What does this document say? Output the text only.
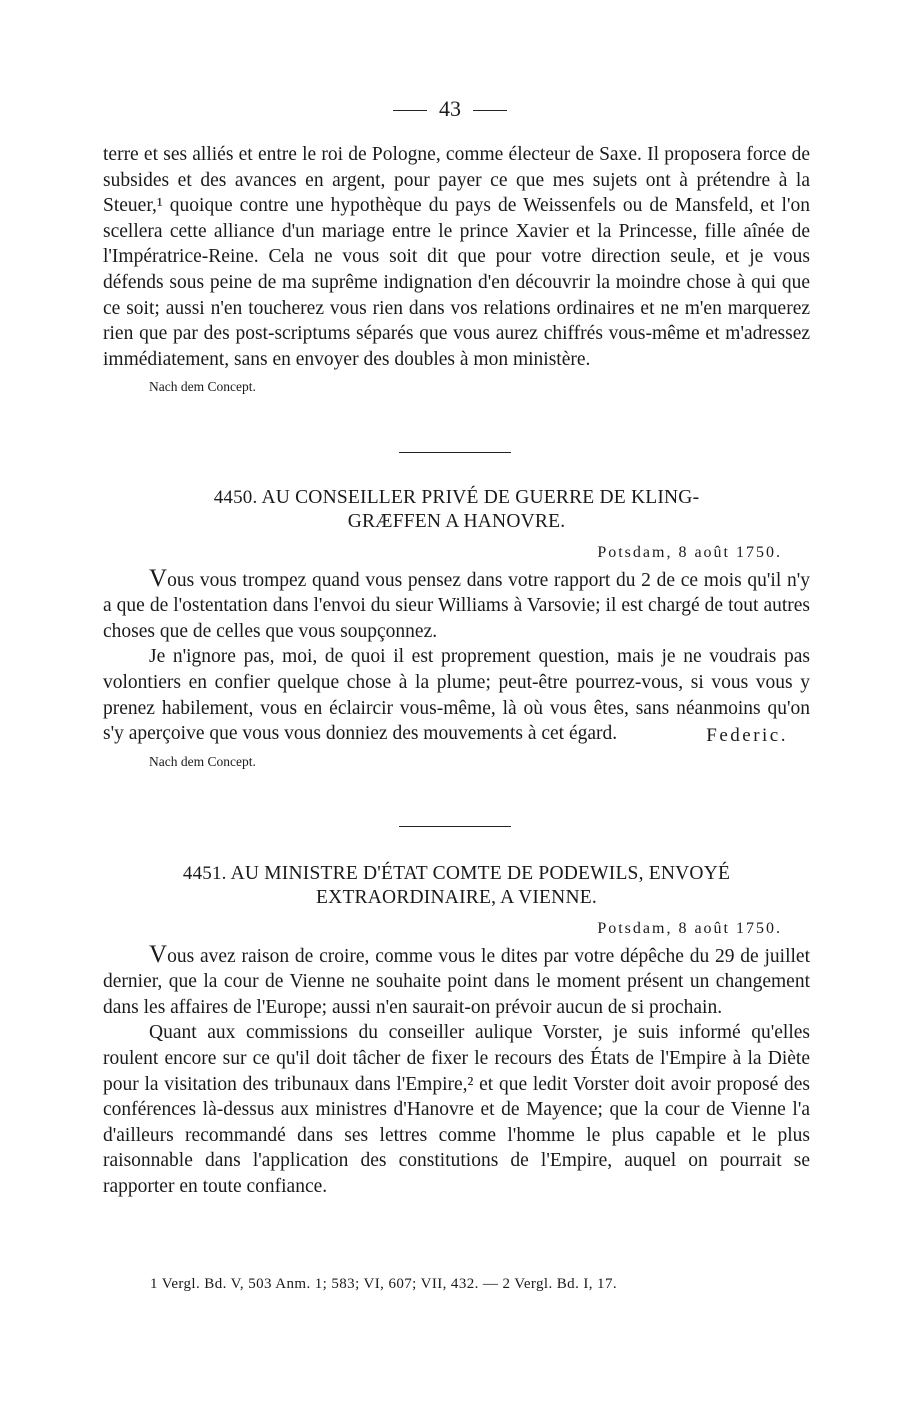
43

terre et ses alliés et entre le roi de Pologne, comme électeur de Saxe. Il proposera force de subsides et des avances en argent, pour payer ce que mes sujets ont à prétendre à la Steuer,¹ quoique contre une hypothèque du pays de Weissenfels ou de Mansfeld, et l'on scellera cette alliance d'un mariage entre le prince Xavier et la Princesse, fille aînée de l'Impératrice-Reine. Cela ne vous soit dit que pour votre direction seule, et je vous défends sous peine de ma suprême indignation d'en découvrir la moindre chose à qui que ce soit; aussi n'en toucherez vous rien dans vos relations ordinaires et ne m'en marquerez rien que par des post-scriptums séparés que vous aurez chiffrés vous-même et m'adressez immédiatement, sans en envoyer des doubles à mon ministère.

Nach dem Concept.

4450. AU CONSEILLER PRIVÉ DE GUERRE DE KLING-
GRÆFFEN A HANOVRE.
Potsdam, 8 août 1750.

Vous vous trompez quand vous pensez dans votre rapport du 2 de ce mois qu'il n'y a que de l'ostentation dans l'envoi du sieur Williams à Varsovie; il est chargé de tout autres choses que de celles que vous soupçonnez.

Je n'ignore pas, moi, de quoi il est proprement question, mais je ne voudrais pas volontiers en confier quelque chose à la plume; peut-être pourrez-vous, si vous vous y prenez habilement, vous en éclaircir vous-même, là où vous êtes, sans néanmoins qu'on s'y aperçoive que vous vous donniez des mouvements à cet égard.

Nach dem Concept.

Federic.
4451. AU MINISTRE D'ÉTAT COMTE DE PODEWILS, ENVOYÉ
EXTRAORDINAIRE, A VIENNE.
Potsdam, 8 août 1750.

Vous avez raison de croire, comme vous le dites par votre dépêche du 29 de juillet dernier, que la cour de Vienne ne souhaite point dans le moment présent un changement dans les affaires de l'Europe; aussi n'en saurait-on prévoir aucun de si prochain.

Quant aux commissions du conseiller aulique Vorster, je suis informé qu'elles roulent encore sur ce qu'il doit tâcher de fixer le recours des États de l'Empire à la Diète pour la visitation des tribunaux dans l'Empire,² et que ledit Vorster doit avoir proposé des conférences là-dessus aux ministres d'Hanovre et de Mayence; que la cour de Vienne l'a d'ailleurs recommandé dans ses lettres comme l'homme le plus capable et le plus raisonnable dans l'application des constitutions de l'Empire, auquel on pourrait se rapporter en toute confiance.

1 Vergl. Bd. V, 503 Anm. 1; 583; VI, 607; VII, 432. — 2 Vergl. Bd. I, 17.
